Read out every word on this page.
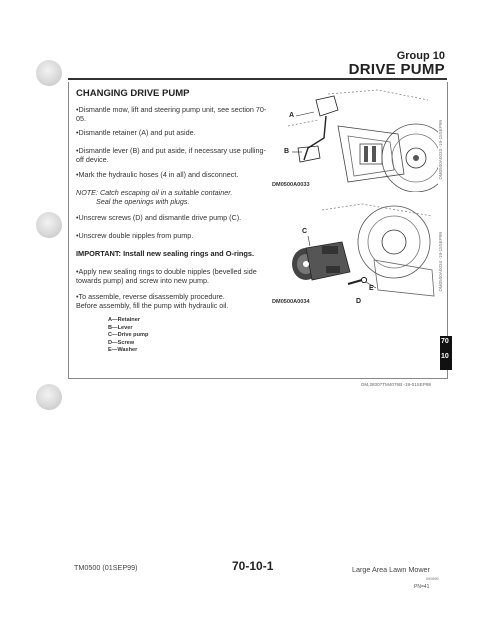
Group 10
DRIVE PUMP
CHANGING DRIVE PUMP
• Dismantle mow, lift and steering pump unit, see section 70-05.
• Dismantle retainer (A) and put aside.
• Dismantle lever (B) and put aside, if necessary use pulling-off device.
• Mark the hydraulic hoses (4 in all) and disconnect.
NOTE: Catch escaping oil in a suitable container.
Seal the openings with plugs.
• Unscrew screws (D) and dismantle drive pump (C).
• Unscrew double nipples from pump.
IMPORTANT: Install new sealing rings and O-rings.
• Apply new sealing rings to double nipples (bevelled side towards pump) and screw into new pump.
• To assemble, reverse disassembly procedure.
Before assembly, fill the pump with hydraulic oil.
A—Retainer
B—Lever
C—Drive pump
D—Screw
E—Washer
A
B
DM0500A0033
DM0500A0033 -19-15SEP99
C
E
D
DM0500A0034
DM0500A0034 -19-15SEP99
OM,28307TM4076B -19-01SEP99
70
10
TM0500 (01SEP99)	70-10-1	Large Area Lawn Mower
090899
PN=41
